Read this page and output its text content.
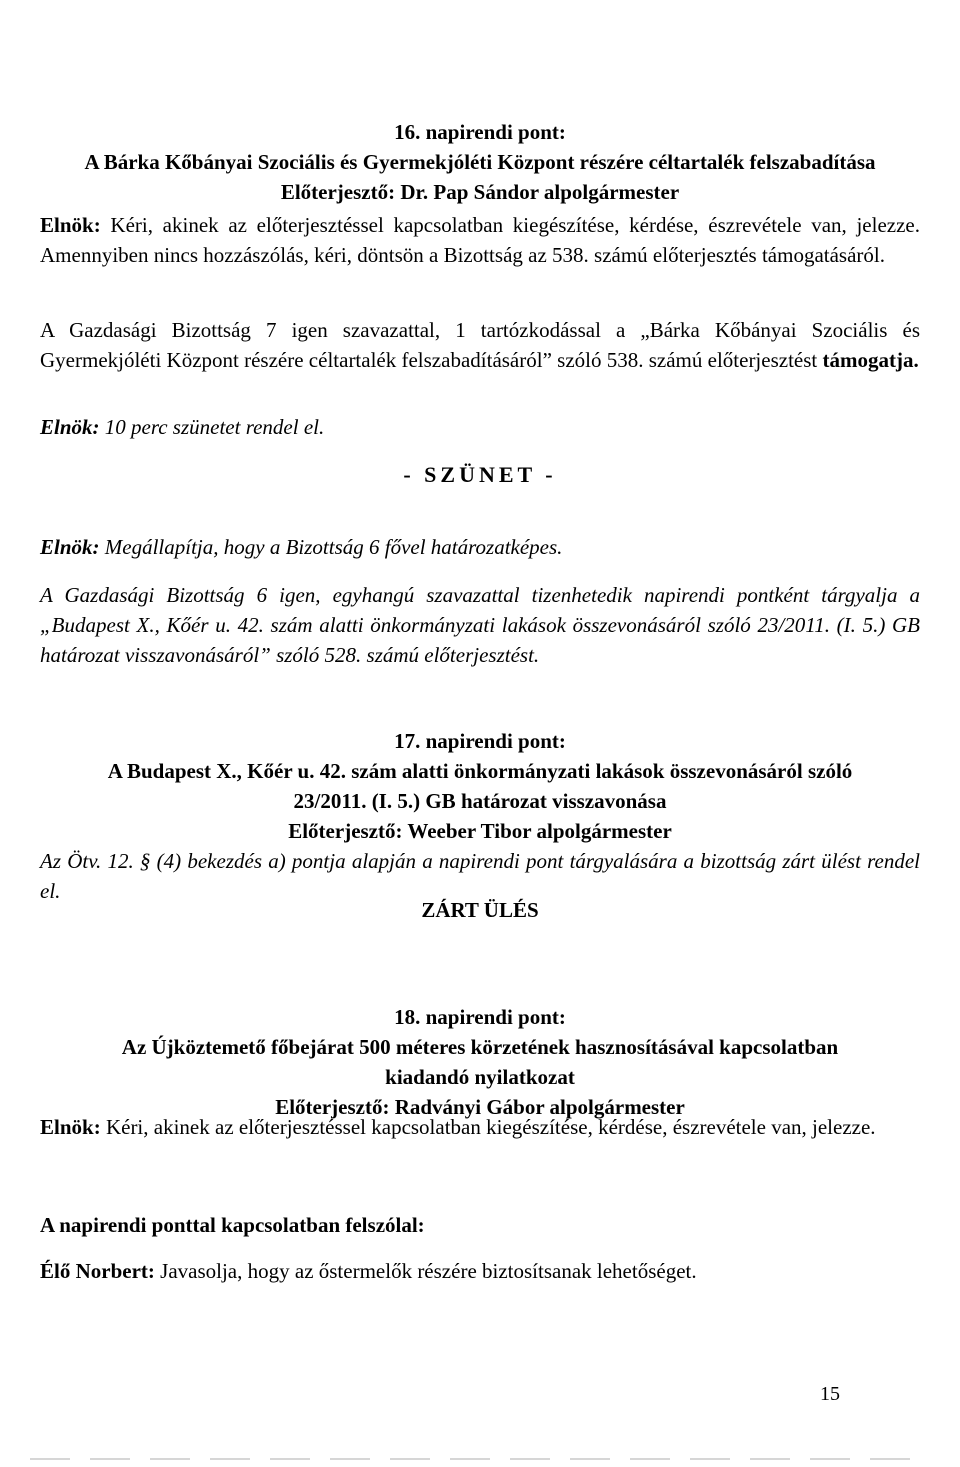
16. napirendi pont:
A Bárka Kőbányai Szociális és Gyermekjóléti Központ részére céltartalék felszabadítása
Előterjesztő: Dr. Pap Sándor alpolgármester
Elnök: Kéri, akinek az előterjesztéssel kapcsolatban kiegészítése, kérdése, észrevétele van, jelezze. Amennyiben nincs hozzászólás, kéri, döntsön a Bizottság az 538. számú előterjesztés támogatásáról.
A Gazdasági Bizottság 7 igen szavazattal, 1 tartózkodással a „Bárka Kőbányai Szociális és Gyermekjóléti Központ részére céltartalék felszabadításáról” szóló 538. számú előterjesztést támogatja.
Elnök: 10 perc szünetet rendel el.
- SZÜNET -
Elnök: Megállapítja, hogy a Bizottság 6 fővel határozatképes.
A Gazdasági Bizottság 6 igen, egyhangú szavazattal tizenhetedik napirendi pontként tárgyalja a „Budapest X., Kőér u. 42. szám alatti önkormányzati lakások összevonásáról szóló 23/2011. (I. 5.) GB határozat visszavonásáról” szóló 528. számú előterjesztést.
17. napirendi pont:
A Budapest X., Kőér u. 42. szám alatti önkormányzati lakások összevonásáról szóló
23/2011. (I. 5.) GB határozat visszavonása
Előterjesztő: Weeber Tibor alpolgármester
Az Ötv. 12. § (4) bekezdés a) pontja alapján a napirendi pont tárgyalására a bizottság zárt ülést rendel el.
ZÁRT ÜLÉS
18. napirendi pont:
Az Újköztemető főbejárat 500 méteres körzetének hasznosításával kapcsolatban
kiadandó nyilatkozat
Előterjesztő: Radványi Gábor alpolgármester
Elnök: Kéri, akinek az előterjesztéssel kapcsolatban kiegészítése, kérdése, észrevétele van, jelezze.
A napirendi ponttal kapcsolatban felszólal:
Élő Norbert: Javasolja, hogy az őstermelők részére biztosítsanak lehetőséget.
15
